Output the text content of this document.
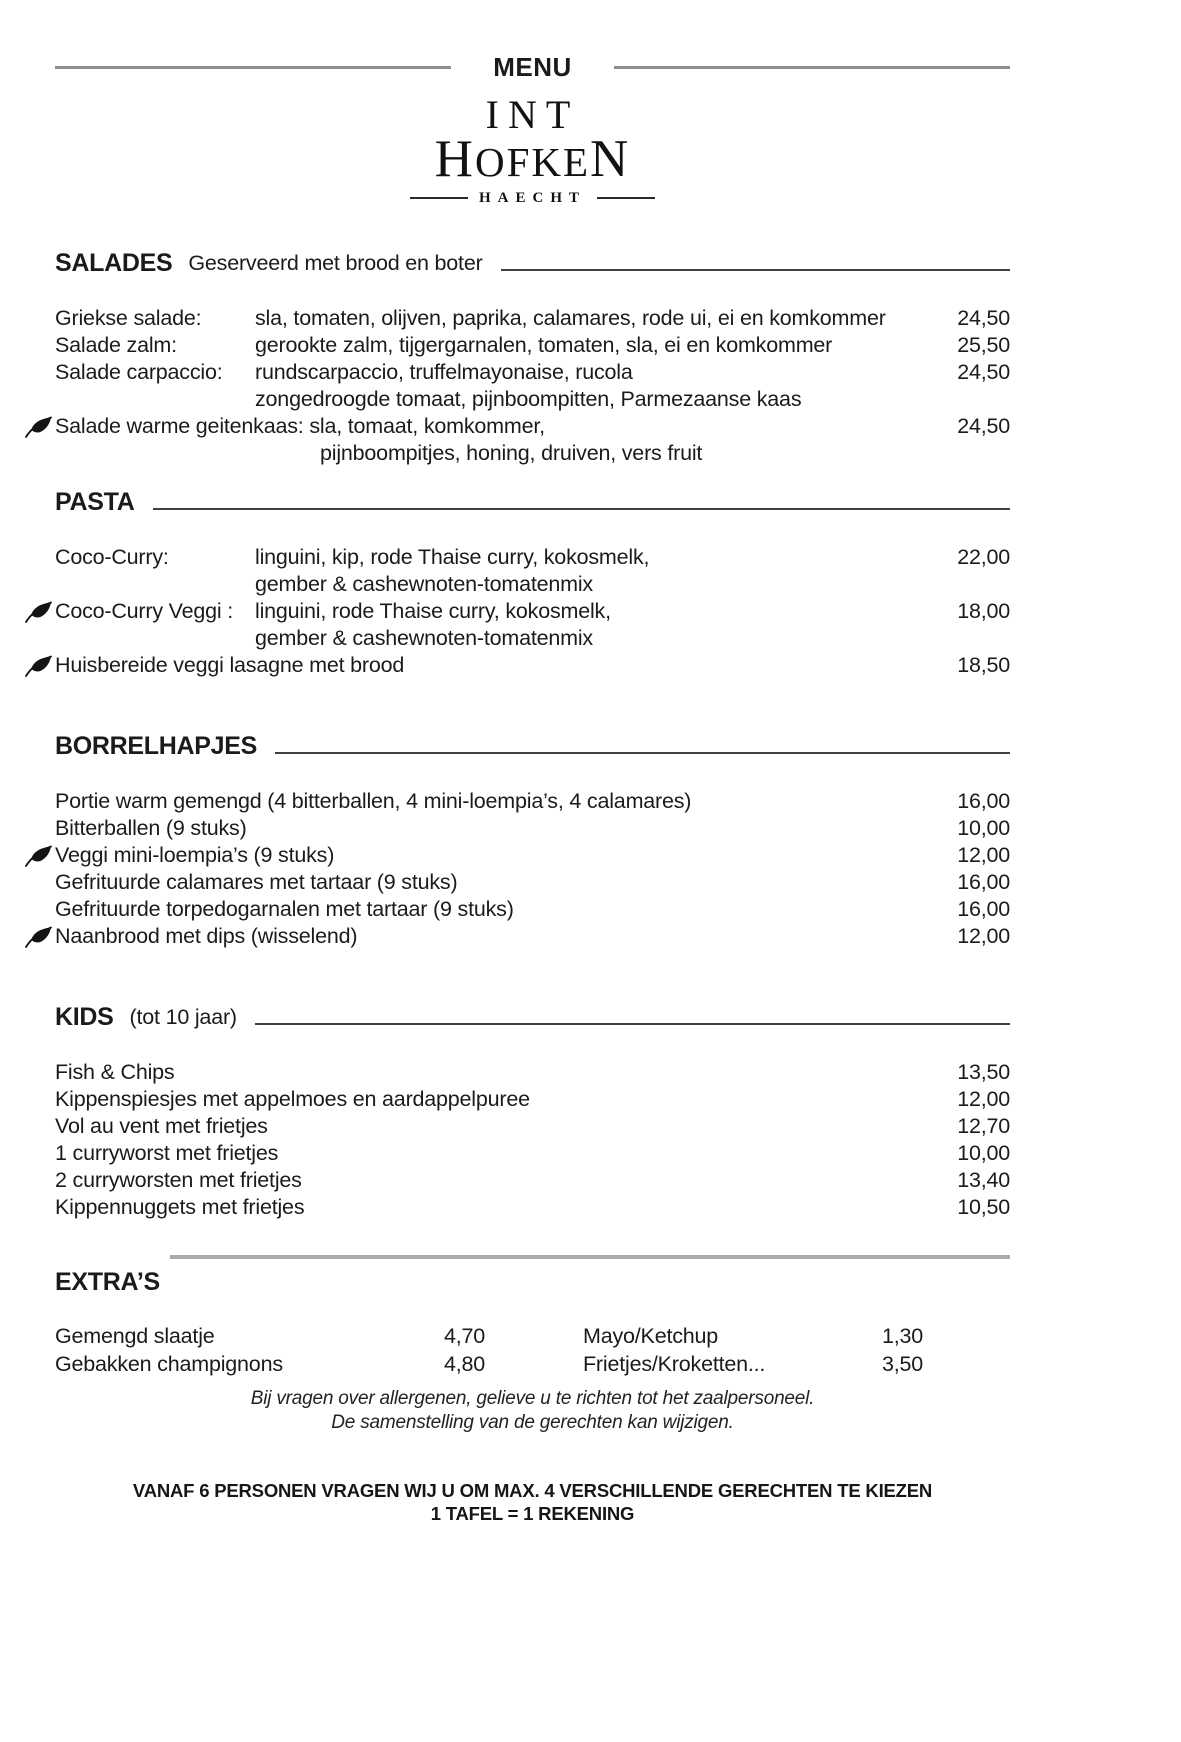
MENU
INT
HOFKEN
HAECHT
SALADES Geserveerd met brood en boter
Griekse salade:	sla, tomaten, olijven, paprika, calamares, rode ui, ei en komkommer	24,50
Salade zalm:	gerookte zalm, tijgergarnalen, tomaten, sla, ei en komkommer	25,50
Salade carpaccio:	rundscarpaccio, truffelmayonaise, rucola	24,50
zongedroogde tomaat, pijnboompitten, Parmezaanse kaas
Salade warme geitenkaas: sla, tomaat, komkommer,	24,50
pijnboompitjes, honing, druiven, vers fruit
PASTA
Coco-Curry:	linguini, kip, rode Thaise curry, kokosmelk,	22,00
gember & cashewnoten-tomatenmix
Coco-Curry Veggi :	linguini, rode Thaise curry, kokosmelk,	18,00
gember & cashewnoten-tomatenmix
Huisbereide veggi lasagne met brood	18,50
BORRELHAPJES
Portie warm gemengd (4 bitterballen, 4 mini-loempia’s, 4 calamares)	16,00
Bitterballen (9 stuks)	10,00
Veggi mini-loempia’s (9 stuks)	12,00
Gefrituurde calamares met tartaar (9 stuks)	16,00
Gefrituurde torpedogarnalen met tartaar (9 stuks)	16,00
Naanbrood met dips (wisselend)	12,00
KIDS (tot 10 jaar)
Fish & Chips	13,50
Kippenspiesjes met appelmoes en aardappelpuree	12,00
Vol au vent met frietjes	12,70
1 curryworst met frietjes	10,00
2 curryworsten met frietjes	13,40
Kippennuggets met frietjes	10,50
EXTRA’S
Gemengd slaatje	4,70	Mayo/Ketchup	1,30
Gebakken champignons	4,80	Frietjes/Kroketten...	3,50
Bij vragen over allergenen, gelieve u te richten tot het zaalpersoneel.
De samenstelling van de gerechten kan wijzigen.
VANAF 6 PERSONEN VRAGEN WIJ U OM MAX. 4 VERSCHILLENDE GERECHTEN TE KIEZEN
1 TAFEL = 1 REKENING
